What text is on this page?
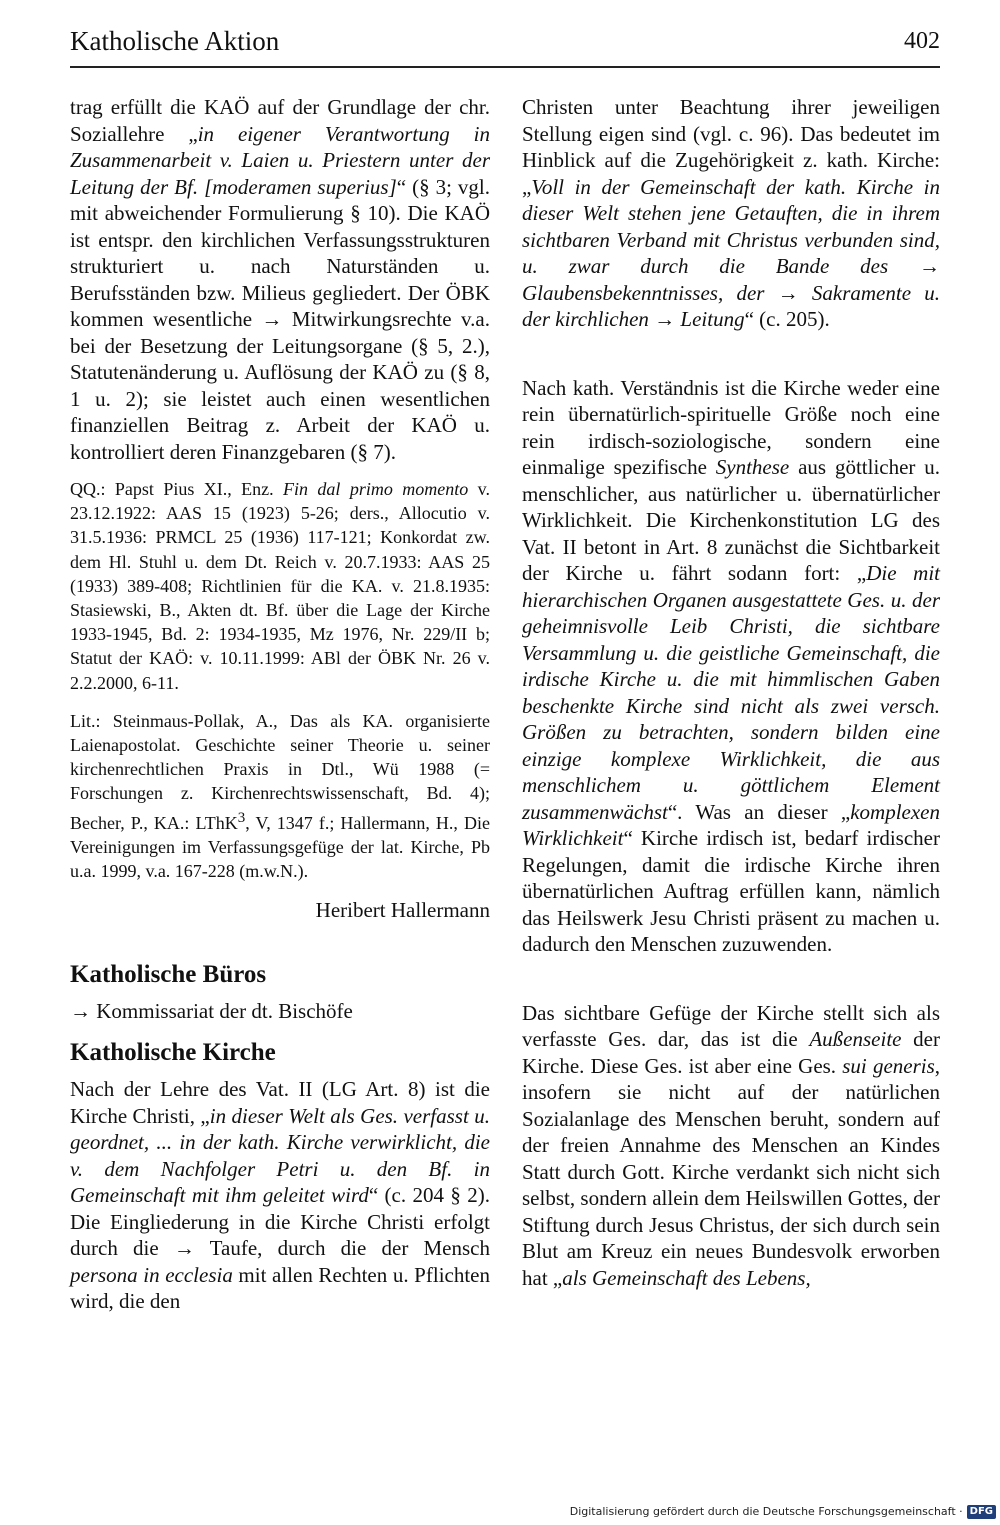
Katholische Aktion	402

trag erfüllt die KAÖ auf der Grundlage der chr. Soziallehre „in eigener Verantwortung in Zusammenarbeit v. Laien u. Priestern unter der Leitung der Bf. [moderamen superius]“ (§ 3; vgl. mit abweichender Formulierung § 10). Die KAÖ ist entspr. den kirchlichen Verfassungsstrukturen strukturiert u. nach Naturständen u. Berufsständen bzw. Milieus gegliedert. Der ÖBK kommen wesentliche → Mitwirkungsrechte v.a. bei der Besetzung der Leitungsorgane (§ 5, 2.), Statutenänderung u. Auflösung der KAÖ zu (§ 8, 1 u. 2); sie leistet auch einen wesentlichen finanziellen Beitrag z. Arbeit der KAÖ u. kontrolliert deren Finanzgebaren (§ 7).

QQ.: Papst Pius XI., Enz. Fin dal primo momento v. 23.12.1922: AAS 15 (1923) 5-26; ders., Allocutio v. 31.5.1936: PRMCL 25 (1936) 117-121; Konkordat zw. dem Hl. Stuhl u. dem Dt. Reich v. 20.7.1933: AAS 25 (1933) 389-408; Richtlinien für die KA. v. 21.8.1935: Stasiewski, B., Akten dt. Bf. über die Lage der Kirche 1933-1945, Bd. 2: 1934-1935, Mz 1976, Nr. 229/II b; Statut der KAÖ: v. 10.11.1999: ABl der ÖBK Nr. 26 v. 2.2.2000, 6-11.

Lit.: Steinmaus-Pollak, A., Das als KA. organisierte Laienapostolat. Geschichte seiner Theorie u. seiner kirchenrechtlichen Praxis in Dtl., Wü 1988 (= Forschungen z. Kirchenrechtswissenschaft, Bd. 4); Becher, P., KA.: LThK$^3$, V, 1347 f.; Hallermann, H., Die Vereinigungen im Verfassungsgefüge der lat. Kirche, Pb u.a. 1999, v.a. 167-228 (m.w.N.).

Heribert Hallermann

Katholische Büros

→ Kommissariat der dt. Bischöfe

Katholische Kirche

Nach der Lehre des Vat. II (LG Art. 8) ist die Kirche Christi, „in dieser Welt als Ges. verfasst u. geordnet, ... in der kath. Kirche verwirklicht, die v. dem Nachfolger Petri u. den Bf. in Gemeinschaft mit ihm geleitet wird“ (c. 204 § 2). Die Eingliederung in die Kirche Christi erfolgt durch die → Taufe, durch die der Mensch persona in ecclesia mit allen Rechten u. Pflichten wird, die den

Christen unter Beachtung ihrer jeweiligen Stellung eigen sind (vgl. c. 96). Das bedeutet im Hinblick auf die Zugehörigkeit z. kath. Kirche: „Voll in der Gemeinschaft der kath. Kirche in dieser Welt stehen jene Getauften, die in ihrem sichtbaren Verband mit Christus verbunden sind, u. zwar durch die Bande des → Glaubensbekenntnisses, der → Sakramente u. der kirchlichen → Leitung“ (c. 205).

Nach kath. Verständnis ist die Kirche weder eine rein übernatürlich-spirituelle Größe noch eine rein irdisch-soziologische, sondern eine einmalige spezifische Synthese aus göttlicher u. menschlicher, aus natürlicher u. übernatürlicher Wirklichkeit. Die Kirchenkonstitution LG des Vat. II betont in Art. 8 zunächst die Sichtbarkeit der Kirche u. fährt sodann fort: „Die mit hierarchischen Organen ausgestattete Ges. u. der geheimnisvolle Leib Christi, die sichtbare Versammlung u. die geistliche Gemeinschaft, die irdische Kirche u. die mit himmlischen Gaben beschenkte Kirche sind nicht als zwei versch. Größen zu betrachten, sondern bilden eine einzige komplexe Wirklichkeit, die aus menschlichem u. göttlichem Element zusammenwächst“. Was an dieser „komplexen Wirklichkeit“ Kirche irdisch ist, bedarf irdischer Regelungen, damit die irdische Kirche ihren übernatürlichen Auftrag erfüllen kann, nämlich das Heilswerk Jesu Christi präsent zu machen u. dadurch den Menschen zuzuwenden.

Das sichtbare Gefüge der Kirche stellt sich als verfasste Ges. dar, das ist die Außenseite der Kirche. Diese Ges. ist aber eine Ges. sui generis, insofern sie nicht auf der natürlichen Sozialanlage des Menschen beruht, sondern auf der freien Annahme des Menschen an Kindes Statt durch Gott. Kirche verdankt sich nicht sich selbst, sondern allein dem Heilswillen Gottes, der Stiftung durch Jesus Christus, der sich durch sein Blut am Kreuz ein neues Bundesvolk erworben hat „als Gemeinschaft des Lebens,

Digitalisierung gefördert durch die Deutsche Forschungsgemeinschaft · DFG
